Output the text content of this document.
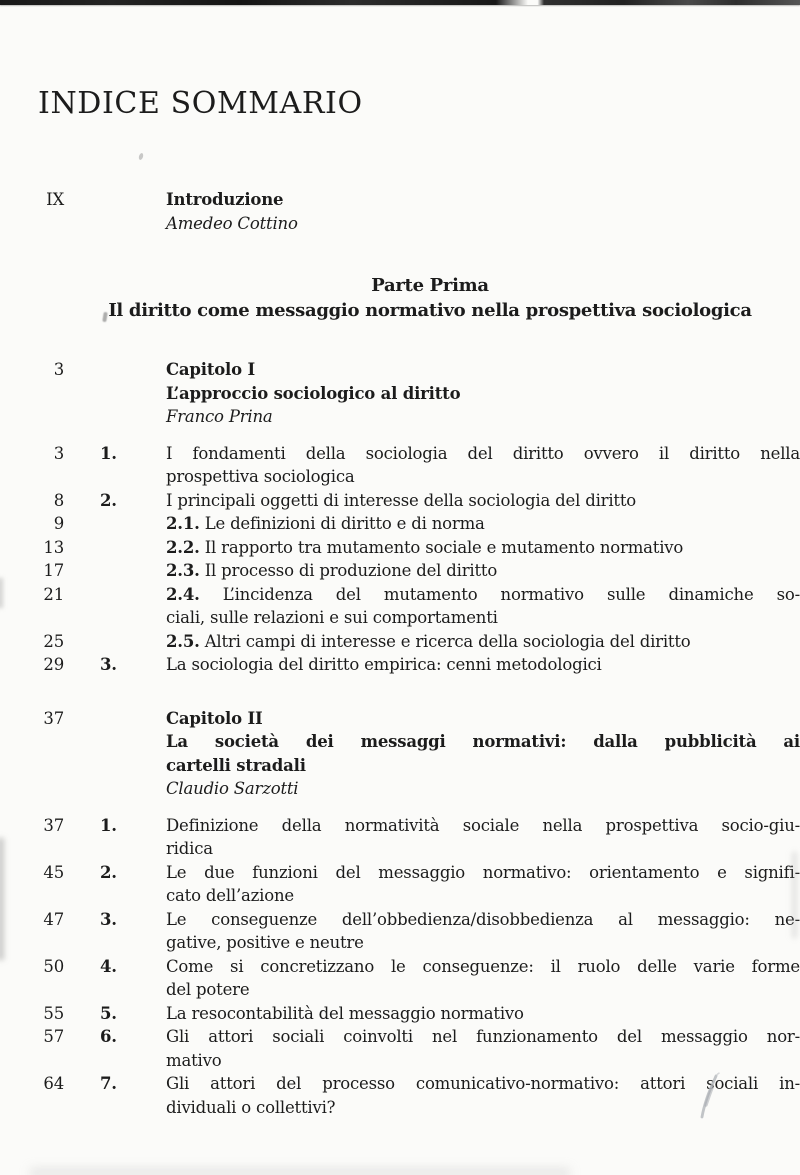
INDICE SOMMARIO
IX	Introduzione
Amedeo Cottino
Parte Prima
Il diritto come messaggio normativo nella prospettiva sociologica
3	Capitolo I
L’approccio sociologico al diritto
Franco Prina
3	1.	I fondamenti della sociologia del diritto ovvero il diritto nella
prospettiva sociologica
8	2.	I principali oggetti di interesse della sociologia del diritto
9	2.1. Le definizioni di diritto e di norma
13	2.2. Il rapporto tra mutamento sociale e mutamento normativo
17	2.3. Il processo di produzione del diritto
21	2.4. L’incidenza del mutamento normativo sulle dinamiche so-
ciali, sulle relazioni e sui comportamenti
25	2.5. Altri campi di interesse e ricerca della sociologia del diritto
29	3.	La sociologia del diritto empirica: cenni metodologici
37	Capitolo II
La società dei messaggi normativi: dalla pubblicità ai
cartelli stradali
Claudio Sarzotti
37	1.	Definizione della normatività sociale nella prospettiva socio-giu-
ridica
45	2.	Le due funzioni del messaggio normativo: orientamento e signifi-
cato dell’azione
47	3.	Le conseguenze dell’obbedienza/disobbedienza al messaggio: ne-
gative, positive e neutre
50	4.	Come si concretizzano le conseguenze: il ruolo delle varie forme
del potere
55	5.	La resocontabilità del messaggio normativo
57	6.	Gli attori sociali coinvolti nel funzionamento del messaggio nor-
mativo
64	7.	Gli attori del processo comunicativo-normativo: attori sociali in-
dividuali o collettivi?
